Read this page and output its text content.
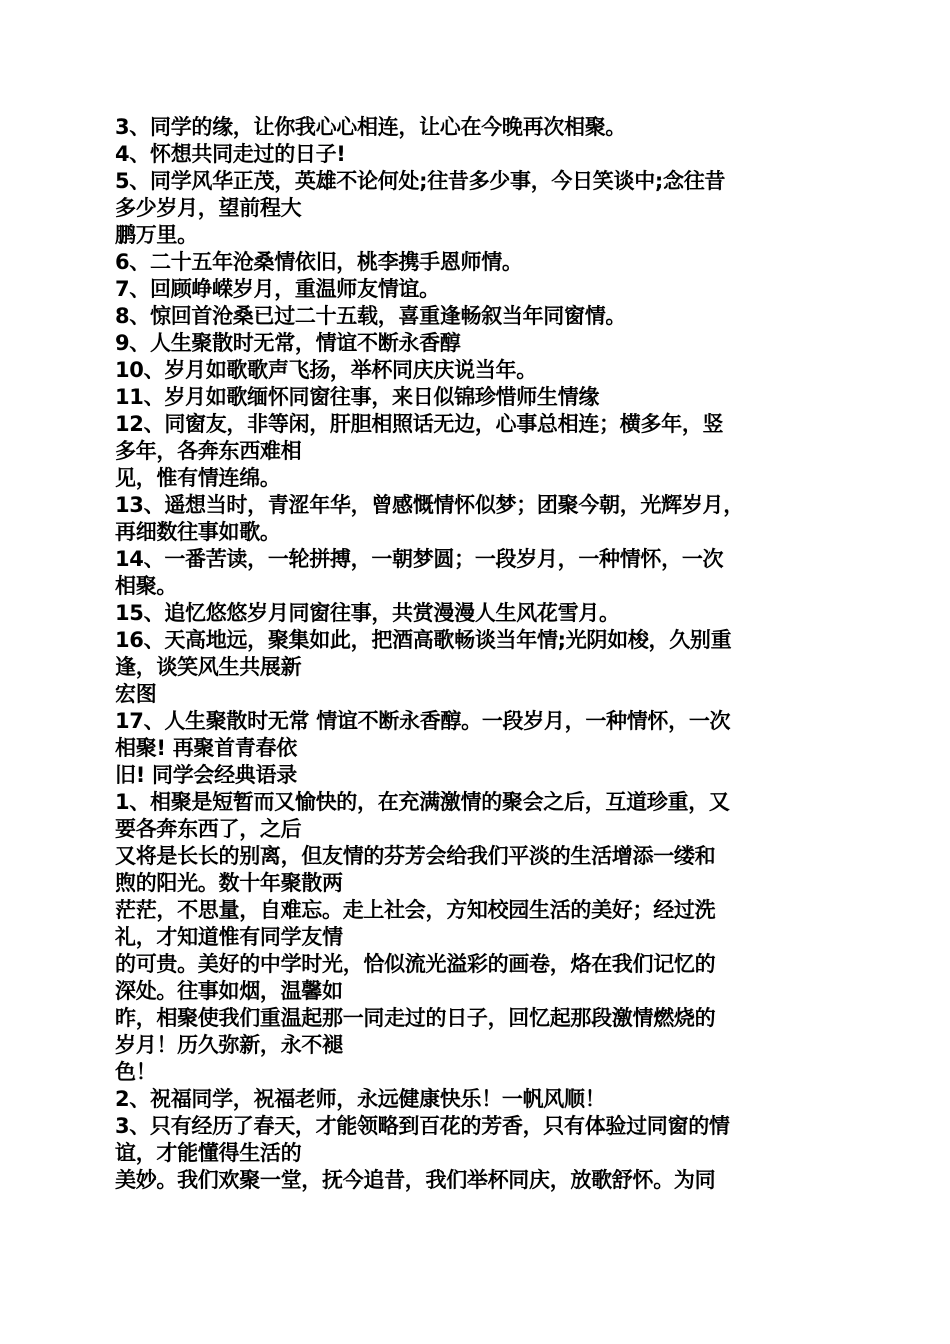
3、同学的缘，让你我心心相连，让心在今晚再次相聚。
4、怀想共同走过的日子!
5、同学风华正茂，英雄不论何处;往昔多少事，今日笑谈中;念往昔
多少岁月，望前程大
鹏万里。
6、二十五年沧桑情依旧，桃李携手恩师情。
7、回顾峥嵘岁月，重温师友情谊。
8、惊回首沧桑已过二十五载，喜重逢畅叙当年同窗情。
9、人生聚散时无常，情谊不断永香醇
10、岁月如歌歌声飞扬，举杯同庆庆说当年。
11、岁月如歌缅怀同窗往事，来日似锦珍惜师生情缘
12、同窗友，非等闲，肝胆相照话无边，心事总相连；横多年，竖
多年，各奔东西难相
见，惟有情连绵。
13、遥想当时，青涩年华，曾感慨情怀似梦；团聚今朝，光辉岁月，
再细数往事如歌。
14、一番苦读，一轮拼搏，一朝梦圆；一段岁月，一种情怀，一次
相聚。
15、追忆悠悠岁月同窗往事，共赏漫漫人生风花雪月。
16、天高地远，聚集如此，把酒高歌畅谈当年情;光阴如梭，久别重
逢，谈笑风生共展新
宏图
17、人生聚散时无常 情谊不断永香醇。一段岁月，一种情怀，一次
相聚! 再聚首青春依
旧! 同学会经典语录
1、相聚是短暂而又愉快的，在充满激情的聚会之后，互道珍重，又
要各奔东西了，之后
又将是长长的别离，但友情的芬芳会给我们平淡的生活增添一缕和
煦的阳光。数十年聚散两
茫茫，不思量，自难忘。走上社会，方知校园生活的美好；经过洗
礼，才知道惟有同学友情
的可贵。美好的中学时光，恰似流光溢彩的画卷，烙在我们记忆的
深处。往事如烟，温馨如
昨，相聚使我们重温起那一同走过的日子，回忆起那段激情燃烧的
岁月！历久弥新，永不褪
色！
2、祝福同学，祝福老师，永远健康快乐！一帆风顺！
3、只有经历了春天，才能领略到百花的芳香，只有体验过同窗的情
谊，才能懂得生活的
美妙。我们欢聚一堂，抚今追昔，我们举杯同庆，放歌舒怀。为同
